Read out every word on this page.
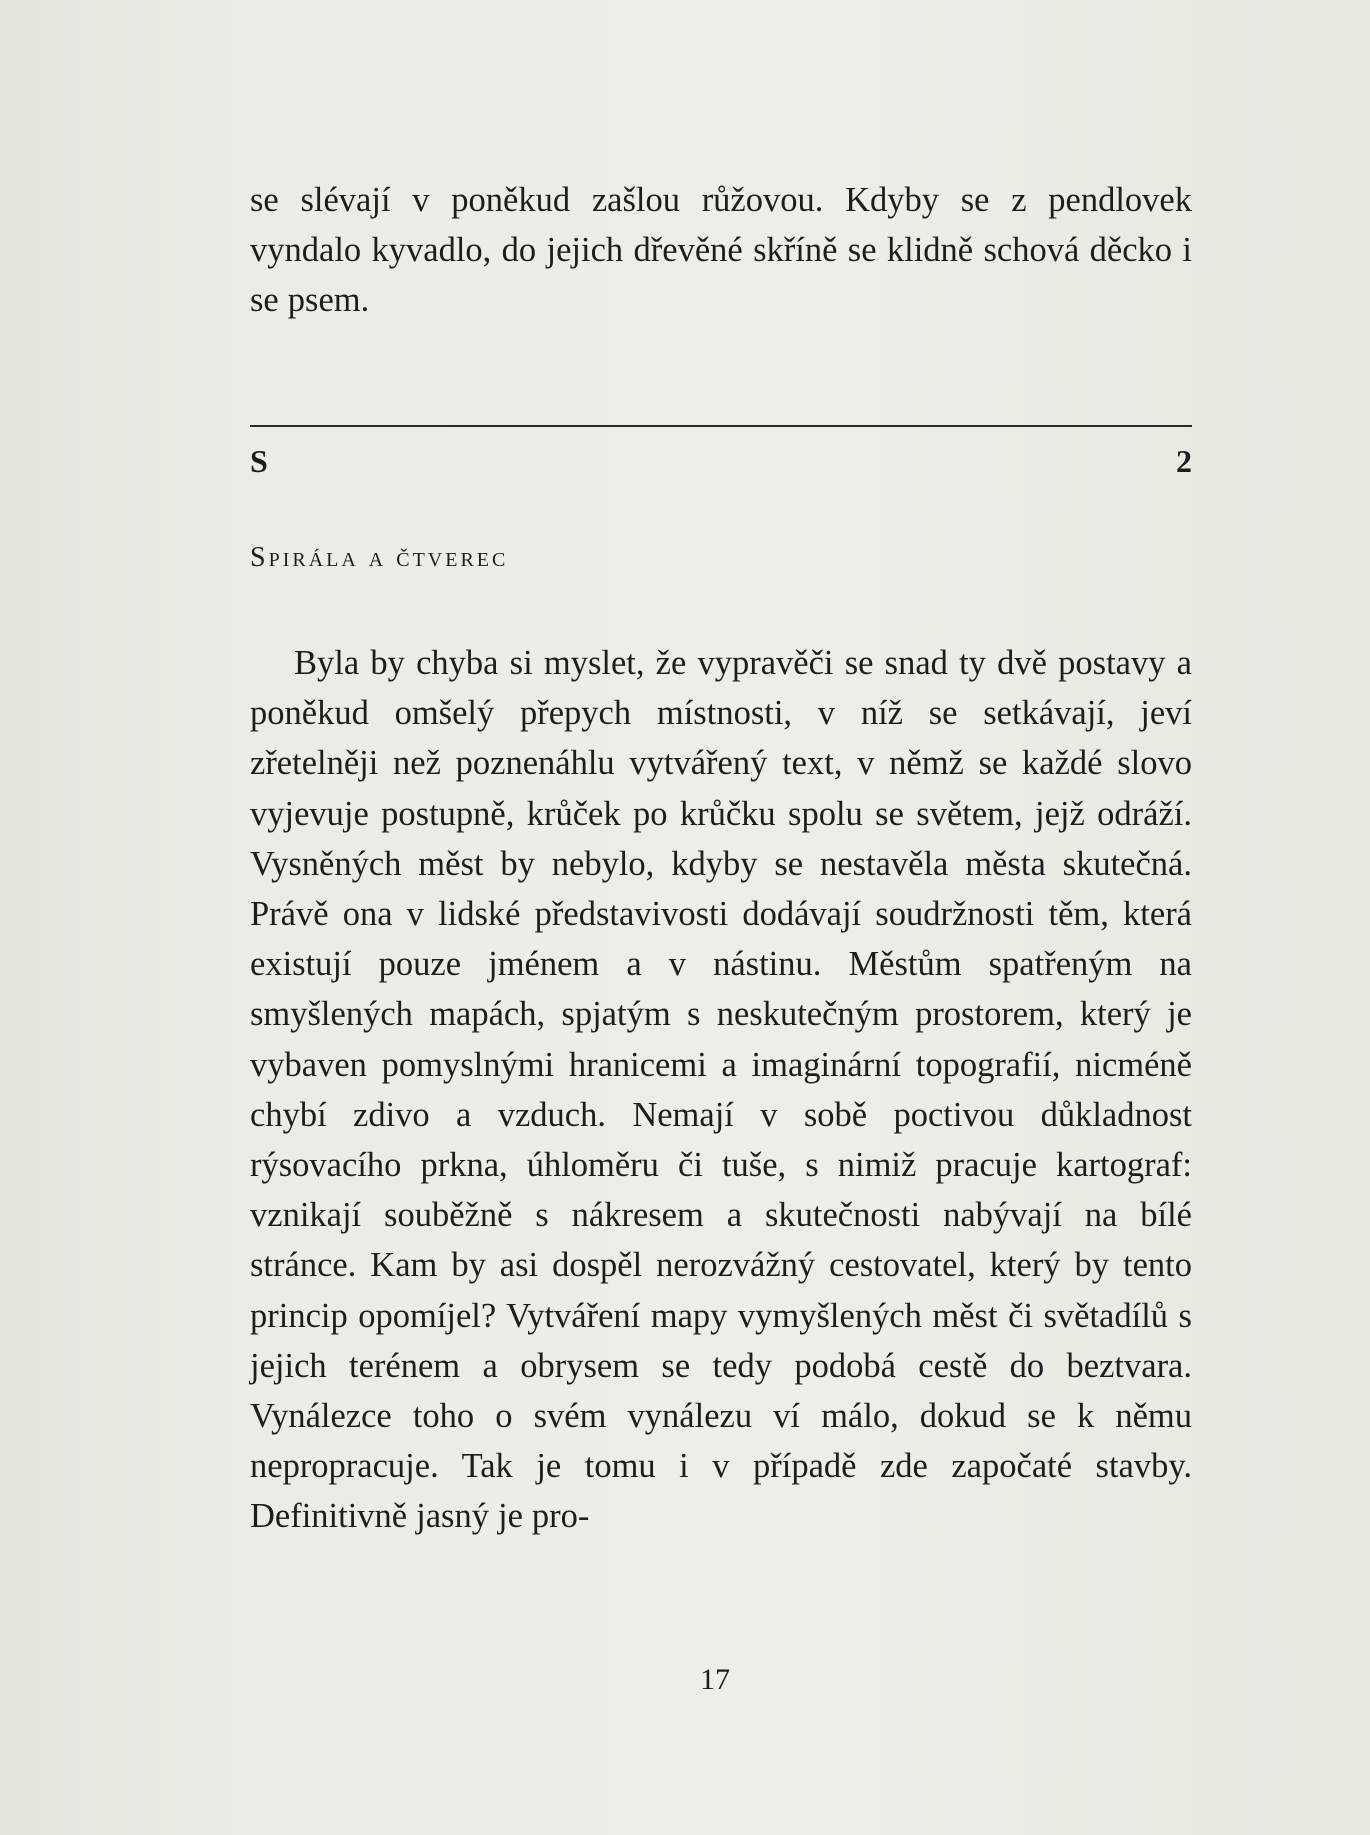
se slévají v poněkud zašlou růžovou. Kdyby se z pendlovek vyndalo kyvadlo, do jejich dřevěné skříně se klidně schová děcko i se psem.

S	2
Spirála a čtverec

Byla by chyba si myslet, že vypravěči se snad ty dvě postavy a poněkud omšelý přepych místnosti, v níž se setkávají, jeví zřetelněji než poznenáhlu vytvářený text, v němž se každé slovo vyjevuje postupně, krůček po krůčku spolu se světem, jejž odráží. Vysněných měst by nebylo, kdyby se nestavěla města skutečná. Právě ona v lidské představivosti dodávají soudržnosti těm, která existují pouze jménem a v nástinu. Městům spatřeným na smyšlených mapách, spjatým s neskutečným prostorem, který je vybaven pomyslnými hranicemi a imaginární topografií, nicméně chybí zdivo a vzduch. Nemají v sobě poctivou důkladnost rýsovacího prkna, úhloměru či tuše, s nimiž pracuje kartograf: vznikají souběžně s nákresem a skutečnosti nabývají na bílé stránce. Kam by asi dospěl nerozvážný cestovatel, který by tento princip opomíjel? Vytváření mapy vymyšlených měst či světadílů s jejich terénem a obrysem se tedy podobá cestě do beztvara. Vynálezce toho o svém vynálezu ví málo, dokud se k němu nepropracuje. Tak je tomu i v případě zde započaté stavby. Definitivně jasný je pro-

17
